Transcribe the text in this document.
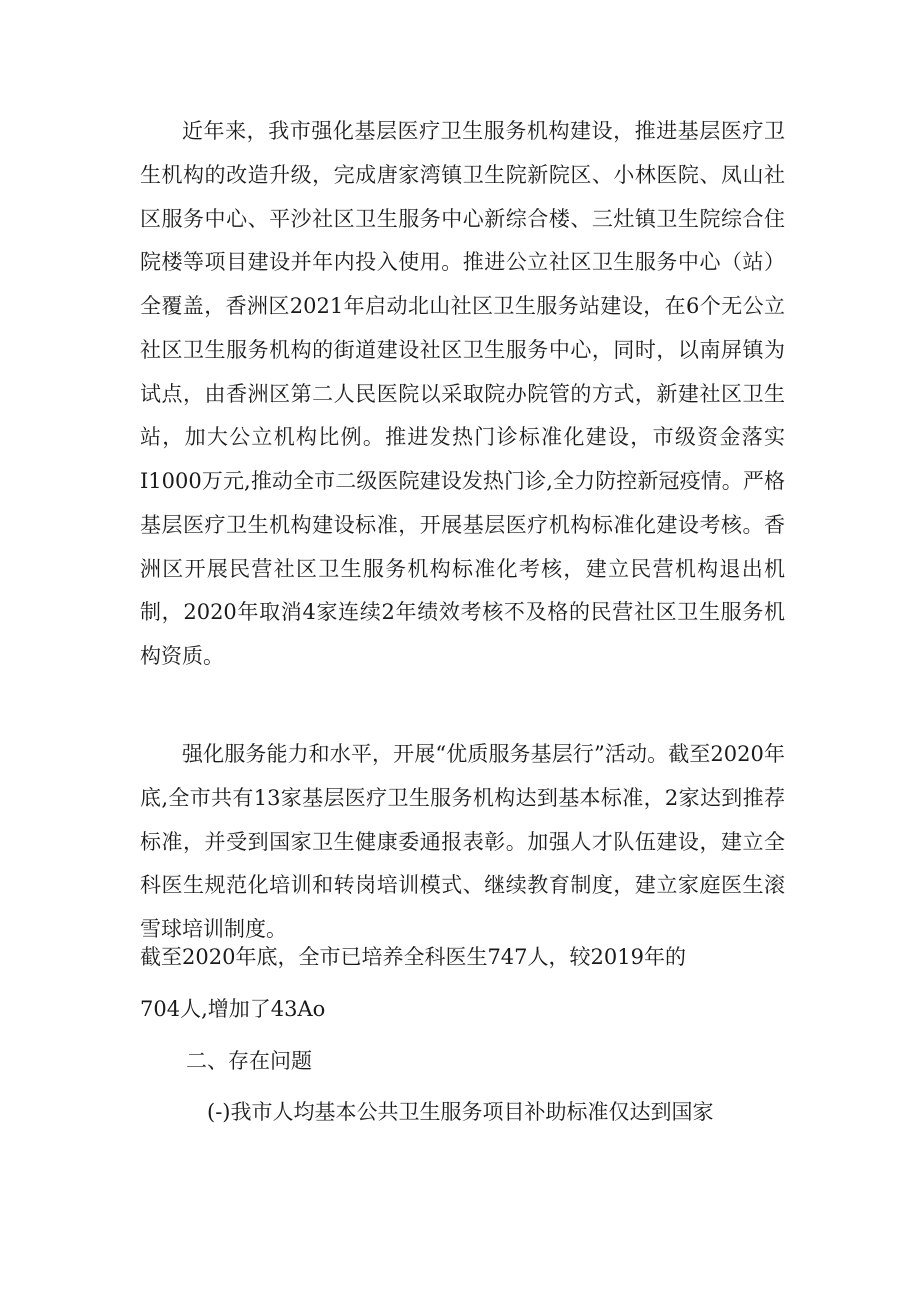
近年来，我市强化基层医疗卫生服务机构建设，推进基层医疗卫生机构的改造升级，完成唐家湾镇卫生院新院区、小林医院、凤山社区服务中心、平沙社区卫生服务中心新综合楼、三灶镇卫生院综合住院楼等项目建设并年内投入使用。推进公立社区卫生服务中心（站）全覆盖，香洲区2021年启动北山社区卫生服务站建设，在6个无公立社区卫生服务机构的街道建设社区卫生服务中心，同时，以南屏镇为试点，由香洲区第二人民医院以采取院办院管的方式，新建社区卫生站，加大公立机构比例。推进发热门诊标准化建设，市级资金落实I1000万元,推动全市二级医院建设发热门诊,全力防控新冠疫情。严格基层医疗卫生机构建设标准，开展基层医疗机构标准化建设考核。香洲区开展民营社区卫生服务机构标准化考核，建立民营机构退出机制，2020年取消4家连续2年绩效考核不及格的民营社区卫生服务机构资质。

强化服务能力和水平，开展“优质服务基层行”活动。截至2020年底,全市共有13家基层医疗卫生服务机构达到基本标准，2家达到推荐标准，并受到国家卫生健康委通报表彰。加强人才队伍建设，建立全科医生规范化培训和转岗培训模式、继续教育制度，建立家庭医生滚雪球培训制度。

截至2020年底，全市已培养全科医生747人，较2019年的

704人,增加了43Ao

二、存在问题

(-)我市人均基本公共卫生服务项目补助标准仅达到国家
